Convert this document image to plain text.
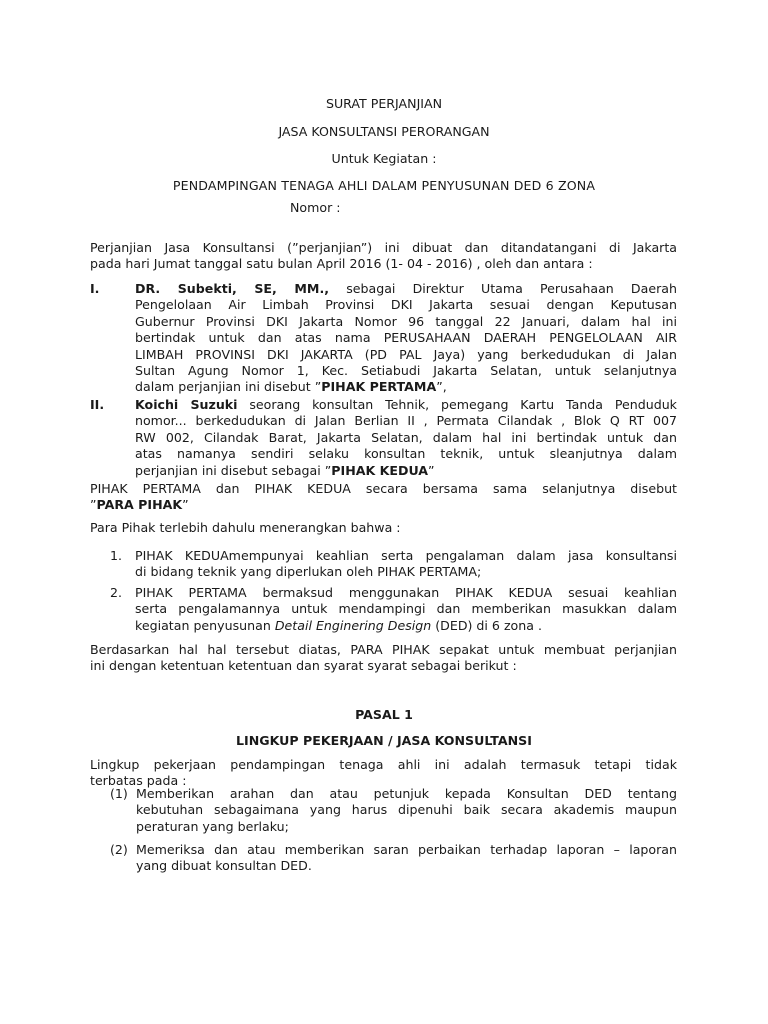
SURAT PERJANJIAN
JASA KONSULTANSI PERORANGAN
Untuk Kegiatan :
PENDAMPINGAN TENAGA AHLI DALAM PENYUSUNAN DED 6 ZONA
Nomor :
Perjanjian Jasa Konsultansi (”perjanjian”) ini dibuat dan ditandatangani di Jakarta
pada hari Jumat tanggal satu bulan April 2016 (1- 04 - 2016) , oleh dan antara :
I.	DR. Subekti, SE, MM., sebagai Direktur Utama Perusahaan Daerah
Pengelolaan Air Limbah Provinsi DKI Jakarta sesuai dengan Keputusan
Gubernur Provinsi DKI Jakarta Nomor 96 tanggal 22 Januari, dalam hal ini
bertindak untuk dan atas nama PERUSAHAAN DAERAH PENGELOLAAN AIR
LIMBAH PROVINSI DKI JAKARTA (PD PAL Jaya) yang berkedudukan di Jalan
Sultan Agung Nomor 1, Kec. Setiabudi Jakarta Selatan, untuk selanjutnya
dalam perjanjian ini disebut ”PIHAK PERTAMA”,
II. Koichi Suzuki seorang konsultan Tehnik, pemegang Kartu Tanda Penduduk
nomor... berkedudukan di Jalan Berlian II , Permata Cilandak , Blok Q RT 007
RW 002, Cilandak Barat, Jakarta Selatan, dalam hal ini bertindak untuk dan
atas namanya sendiri selaku konsultan teknik, untuk sleanjutnya dalam
perjanjian ini disebut sebagai ”PIHAK KEDUA”
PIHAK PERTAMA dan PIHAK KEDUA secara bersama sama selanjutnya disebut
”PARA PIHAK”
Para Pihak terlebih dahulu menerangkan bahwa :
1. PIHAK KEDUAmempunyai keahlian serta pengalaman dalam jasa konsultansi
di bidang teknik yang diperlukan oleh PIHAK PERTAMA;
2. PIHAK PERTAMA bermaksud menggunakan PIHAK KEDUA sesuai keahlian
serta pengalamannya untuk mendampingi dan memberikan masukkan dalam
kegiatan penyusunan Detail Enginering Design (DED) di 6 zona .
Berdasarkan hal hal tersebut diatas, PARA PIHAK sepakat untuk membuat perjanjian
ini dengan ketentuan ketentuan dan syarat syarat sebagai berikut :
PASAL 1
LINGKUP PEKERJAAN / JASA KONSULTANSI
Lingkup pekerjaan pendampingan tenaga ahli ini adalah termasuk tetapi tidak
terbatas pada :
(1) Memberikan arahan dan atau petunjuk kepada Konsultan DED tentang
kebutuhan sebagaimana yang harus dipenuhi baik secara akademis maupun
peraturan yang berlaku;
(2) Memeriksa dan atau memberikan saran perbaikan terhadap laporan – laporan
yang dibuat konsultan DED.
